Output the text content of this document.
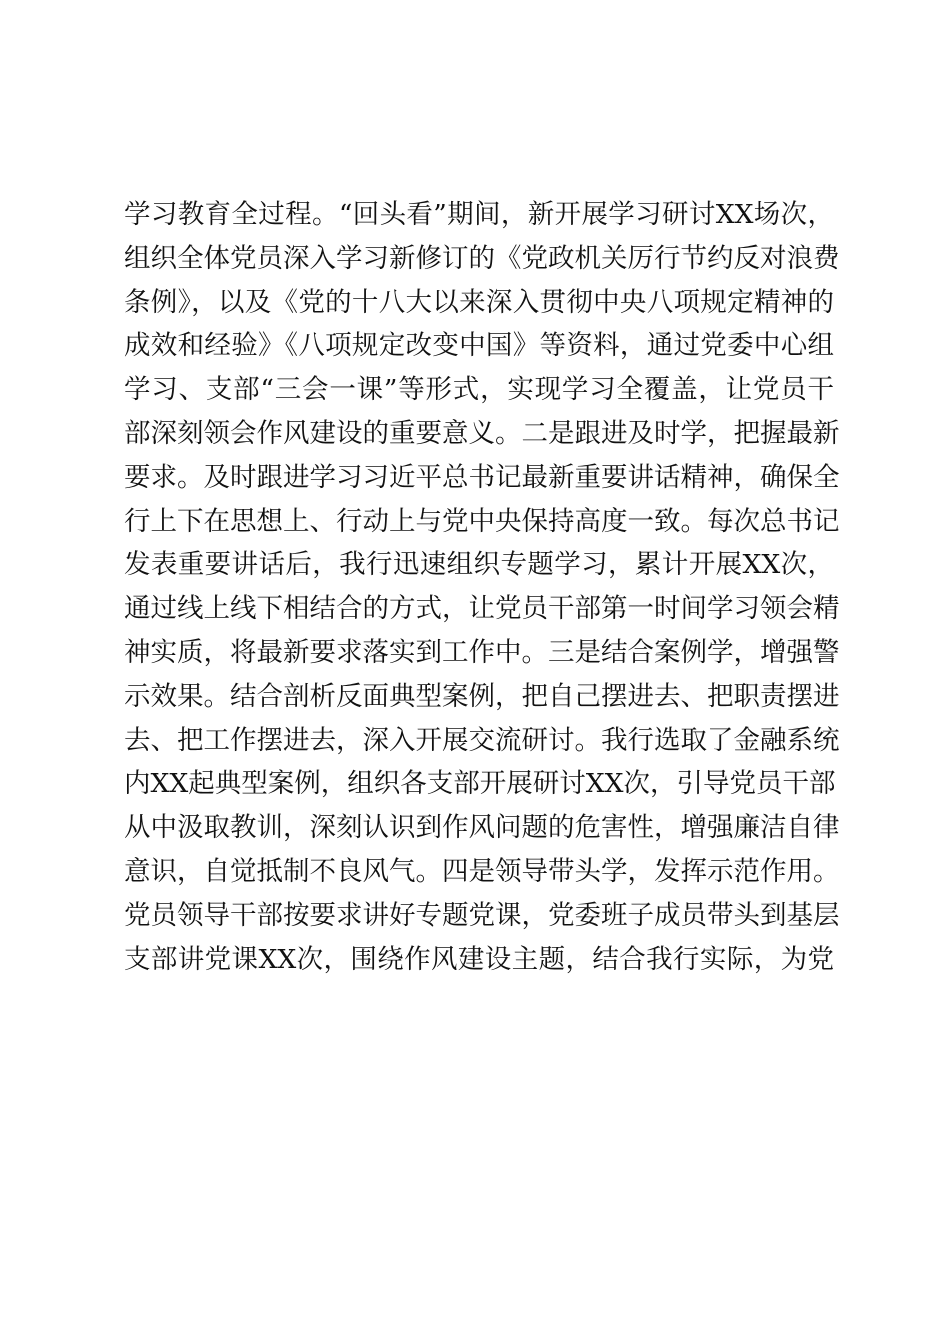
学习教育全过程。“回头看”期间，新开展学习研讨XX场次，
组织全体党员深入学习新修订的《党政机关厉行节约反对浪费
条例》，以及《党的十八大以来深入贯彻中央八项规定精神的
成效和经验》《八项规定改变中国》等资料，通过党委中心组
学习、支部“三会一课”等形式，实现学习全覆盖，让党员干
部深刻领会作风建设的重要意义。二是跟进及时学，把握最新
要求。及时跟进学习习近平总书记最新重要讲话精神，确保全
行上下在思想上、行动上与党中央保持高度一致。每次总书记
发表重要讲话后，我行迅速组织专题学习，累计开展XX次，
通过线上线下相结合的方式，让党员干部第一时间学习领会精
神实质，将最新要求落实到工作中。三是结合案例学，增强警
示效果。结合剖析反面典型案例，把自己摆进去、把职责摆进
去、把工作摆进去，深入开展交流研讨。我行选取了金融系统
内XX起典型案例，组织各支部开展研讨XX次，引导党员干部
从中汲取教训，深刻认识到作风问题的危害性，增强廉洁自律
意识，自觉抵制不良风气。四是领导带头学，发挥示范作用。
党员领导干部按要求讲好专题党课，党委班子成员带头到基层
支部讲党课XX次，围绕作风建设主题，结合我行实际，为党
